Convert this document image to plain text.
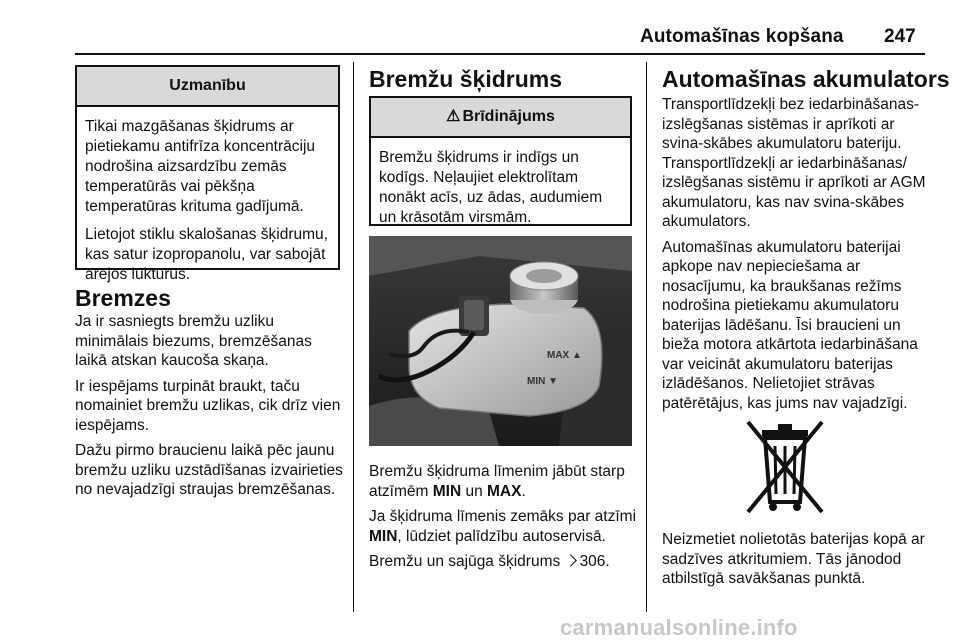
Automašīnas kopšana 247
Uzmanību

Tikai mazgāšanas šķidrums ar pietiekamu antifrīza koncentrāciju nodrošina aizsardzību zemās temperatūrās vai pēkšņa temperatūras krituma gadījumā.

Lietojot stiklu skalošanas šķidrumu, kas satur izopropanolu, var sabojāt ārējos lukturus.

Bremzes

Ja ir sasniegts bremžu uzliku minimālais biezums, bremzēšanas laikā atskan kaucoša skaņa.

Ir iespējams turpināt braukt, taču nomainiet bremžu uzlikas, cik drīz vien iespējams.

Dažu pirmo braucienu laikā pēc jaunu bremžu uzliku uzstādīšanas izvairieties no nevajadzīgi straujas bremzēšanas.

Bremžu šķidrums
⚠ Brīdinājums

Bremžu šķidrums ir indīgs un kodīgs. Neļaujiet elektrolītam nonākt acīs, uz ādas, audumiem un krāsotām virsmām.

MAX ▲
MIN ▼

Bremžu šķidruma līmenim jābūt starp atzīmēm MIN un MAX.

Ja šķidruma līmenis zemāks par atzīmi MIN, lūdziet palīdzību autoservisā.

Bremžu un sajūga šķidrums 306.

Automašīnas akumulators

Transportlīdzekļi bez iedarbināšanas-izslēgšanas sistēmas ir aprīkoti ar svina-skābes akumulatoru bateriju. Transportlīdzekļi ar iedarbināšanas/ izslēgšanas sistēmu ir aprīkoti ar AGM akumulatoru, kas nav svina-skābes akumulators.

Automašīnas akumulatoru baterijai apkope nav nepieciešama ar nosacījumu, ka braukšanas režīms nodrošina pietiekamu akumulatoru baterijas lādēšanu. Īsi braucieni un bieža motora atkārtota iedarbināšana var veicināt akumulatoru baterijas izlādēšanos. Nelietojiet strāvas patērētājus, kas jums nav vajadzīgi.

Neizmetiet nolietotās baterijas kopā ar sadzīves atkritumiem. Tās jānodod atbilstīgā savākšanas punktā.

carmanualsonline.info
